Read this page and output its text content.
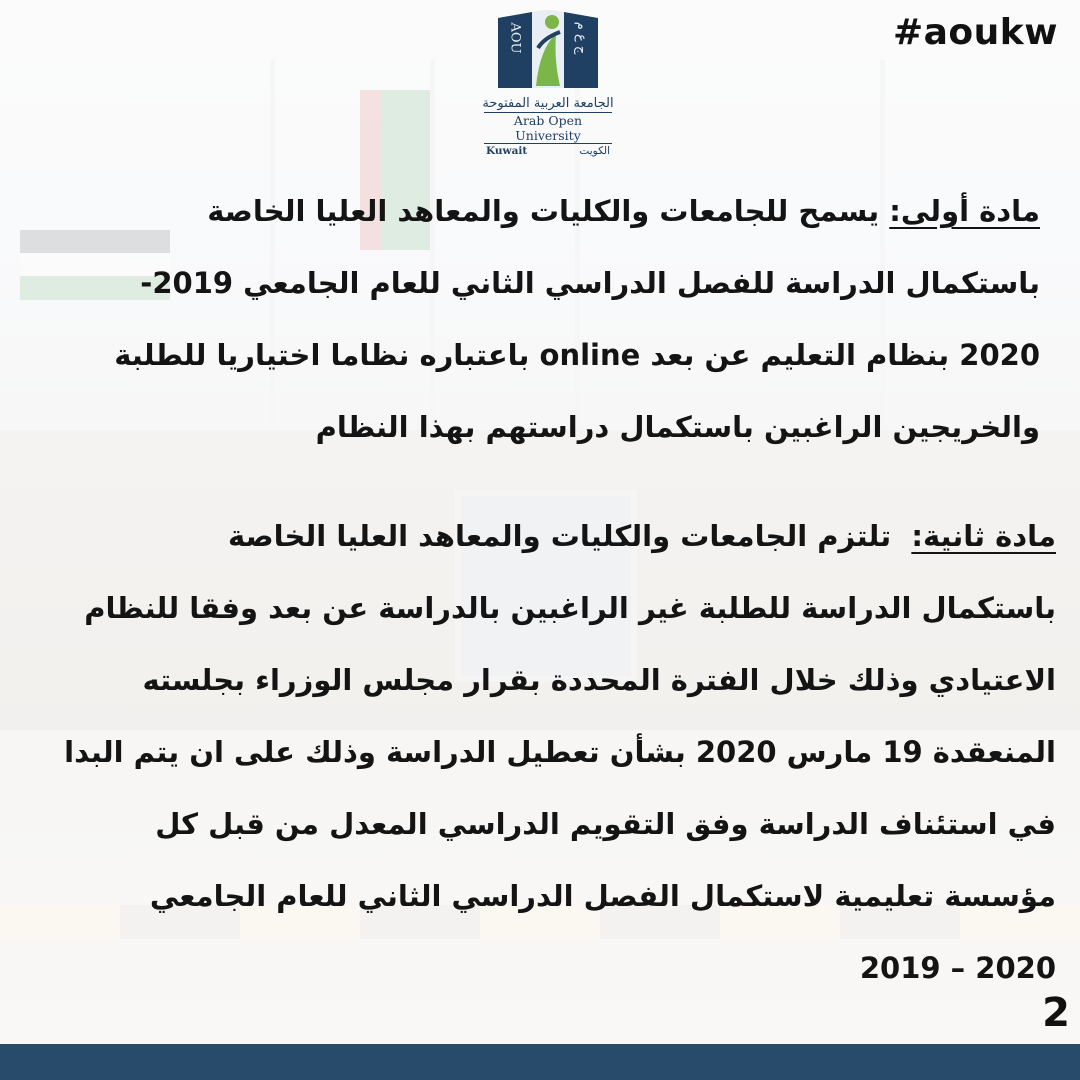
AOU	ج ع م
الجامعة العربية المفتوحة
Arab Open University
Kuwait	الكويت
#aoukw
مادة أولى: يسمح للجامعات والكليات والمعاهد العليا الخاصة
باستكمال الدراسة للفصل الدراسي الثاني للعام الجامعي 2019-
2020 بنظام التعليم عن بعد online باعتباره نظاما اختياريا للطلبة
والخريجين الراغبين باستكمال دراستهم بهذا النظام
مادة ثانية:  تلتزم الجامعات والكليات والمعاهد العليا الخاصة
باستكمال الدراسة للطلبة غير الراغبين بالدراسة عن بعد وفقا للنظام
الاعتيادي وذلك خلال الفترة المحددة بقرار مجلس الوزراء بجلسته
المنعقدة 19 مارس 2020 بشأن تعطيل الدراسة وذلك على ان يتم البدا
في استئناف الدراسة وفق التقويم الدراسي المعدل من قبل كل
مؤسسة تعليمية لاستكمال الفصل الدراسي الثاني للعام الجامعي
2019 – 2020
2
